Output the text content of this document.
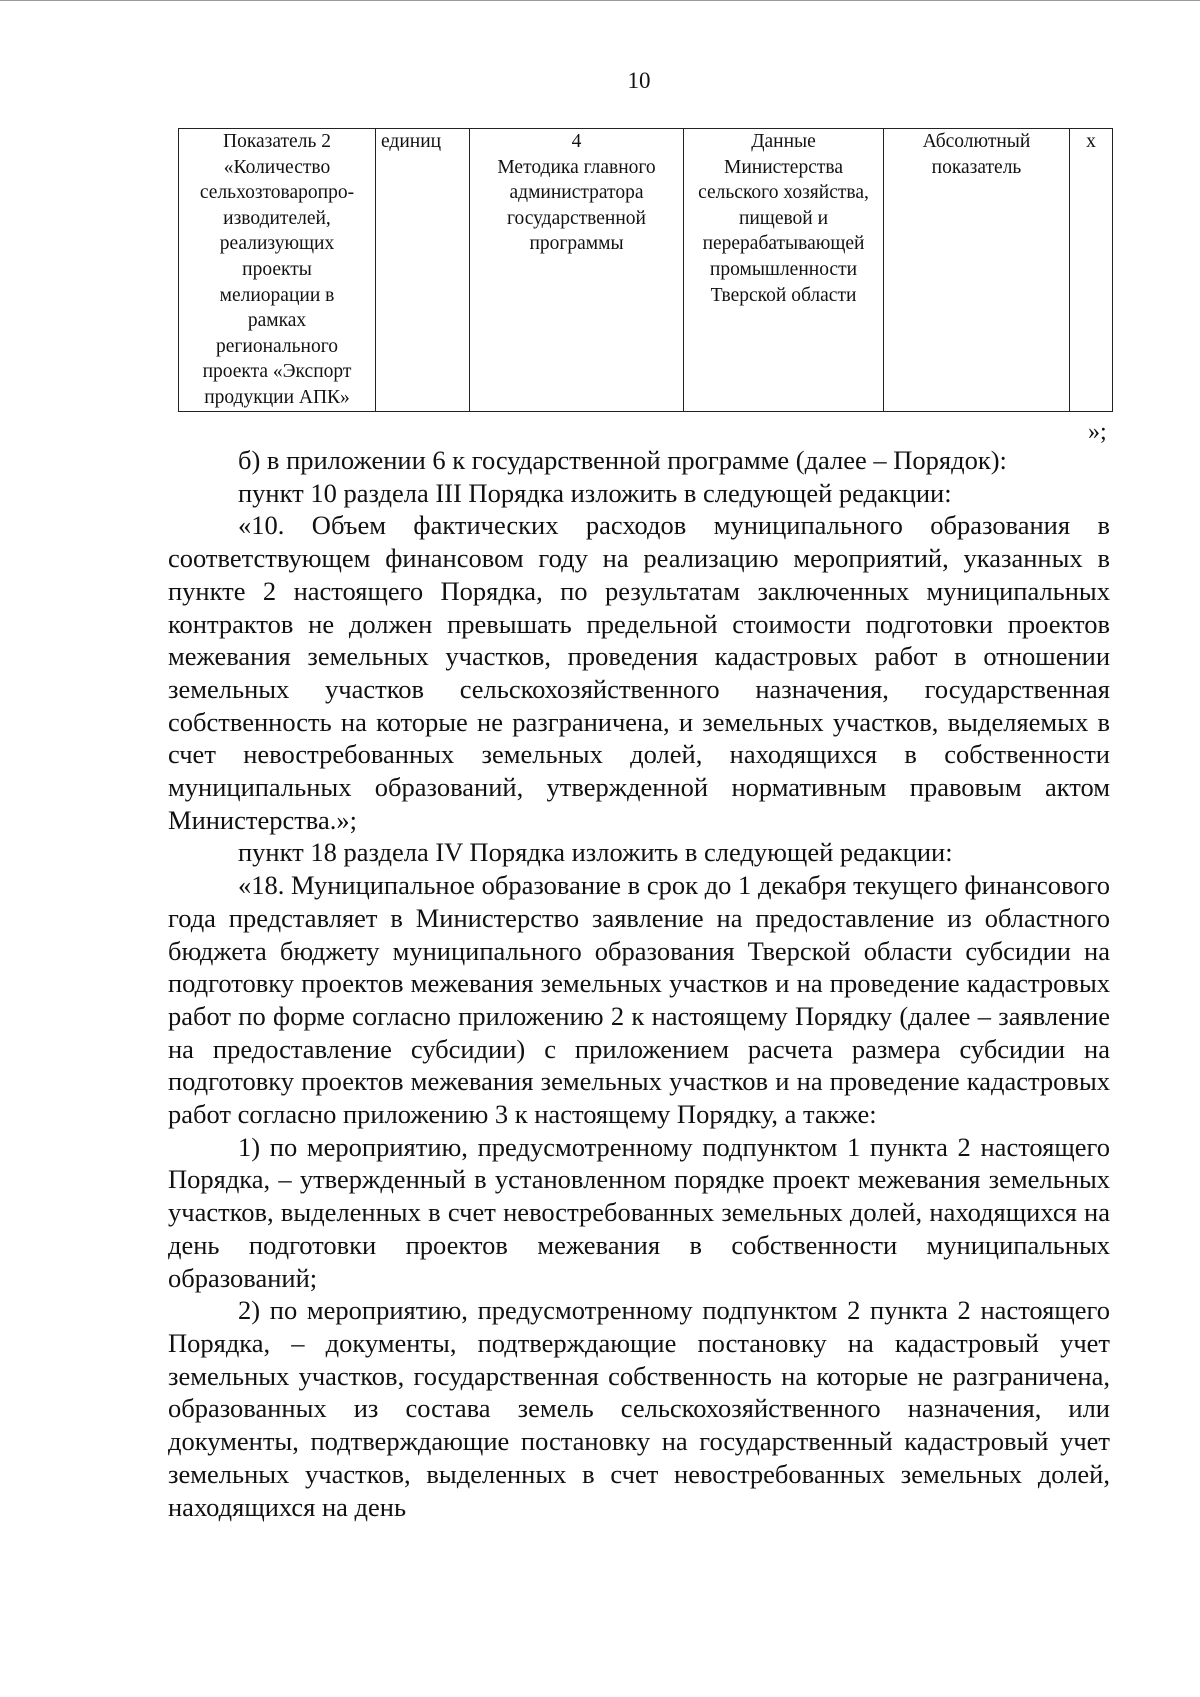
10
Показатель 2
«Количество
сельхозтоваропро-
изводителей,
реализующих
проекты
мелиорации в
рамках
регионального
проекта «Экспорт
продукции АПК»	единиц	4
Методика главного
администратора
государственной
программы	Данные
Министерства
сельского хозяйства,
пищевой и
перерабатывающей
промышленности
Тверской области	Абсолютный
показатель	х
»;

б) в приложении 6 к государственной программе (далее – Порядок):

пункт 10 раздела III Порядка изложить в следующей редакции:

«10. Объем фактических расходов муниципального образования в соответствующем финансовом году на реализацию мероприятий, указанных в пункте 2 настоящего Порядка, по результатам заключенных муниципальных контрактов не должен превышать предельной стоимости подготовки проектов межевания земельных участков, проведения кадастровых работ в отношении земельных участков сельскохозяйственного назначения, государственная собственность на которые не разграничена, и земельных участков, выделяемых в счет невостребованных земельных долей, находящихся в собственности муниципальных образований, утвержденной нормативным правовым актом Министерства.»;

пункт 18 раздела IV Порядка изложить в следующей редакции:

«18. Муниципальное образование в срок до 1 декабря текущего финансового года представляет в Министерство заявление на предоставление из областного бюджета бюджету муниципального образования Тверской области субсидии на подготовку проектов межевания земельных участков и на проведение кадастровых работ по форме согласно приложению 2 к настоящему Порядку (далее – заявление на предоставление субсидии) с приложением расчета размера субсидии на подготовку проектов межевания земельных участков и на проведение кадастровых работ согласно приложению 3 к настоящему Порядку, а также:

1) по мероприятию, предусмотренному подпунктом 1 пункта 2 настоящего Порядка, – утвержденный в установленном порядке проект межевания земельных участков, выделенных в счет невостребованных земельных долей, находящихся на день подготовки проектов межевания в собственности муниципальных образований;

2) по мероприятию, предусмотренному подпунктом 2 пункта 2 настоящего Порядка, – документы, подтверждающие постановку на кадастровый учет земельных участков, государственная собственность на которые не разграничена, образованных из состава земель сельскохозяйственного назначения, или документы, подтверждающие постановку на государственный кадастровый учет земельных участков, выделенных в счет невостребованных земельных долей, находящихся на день
